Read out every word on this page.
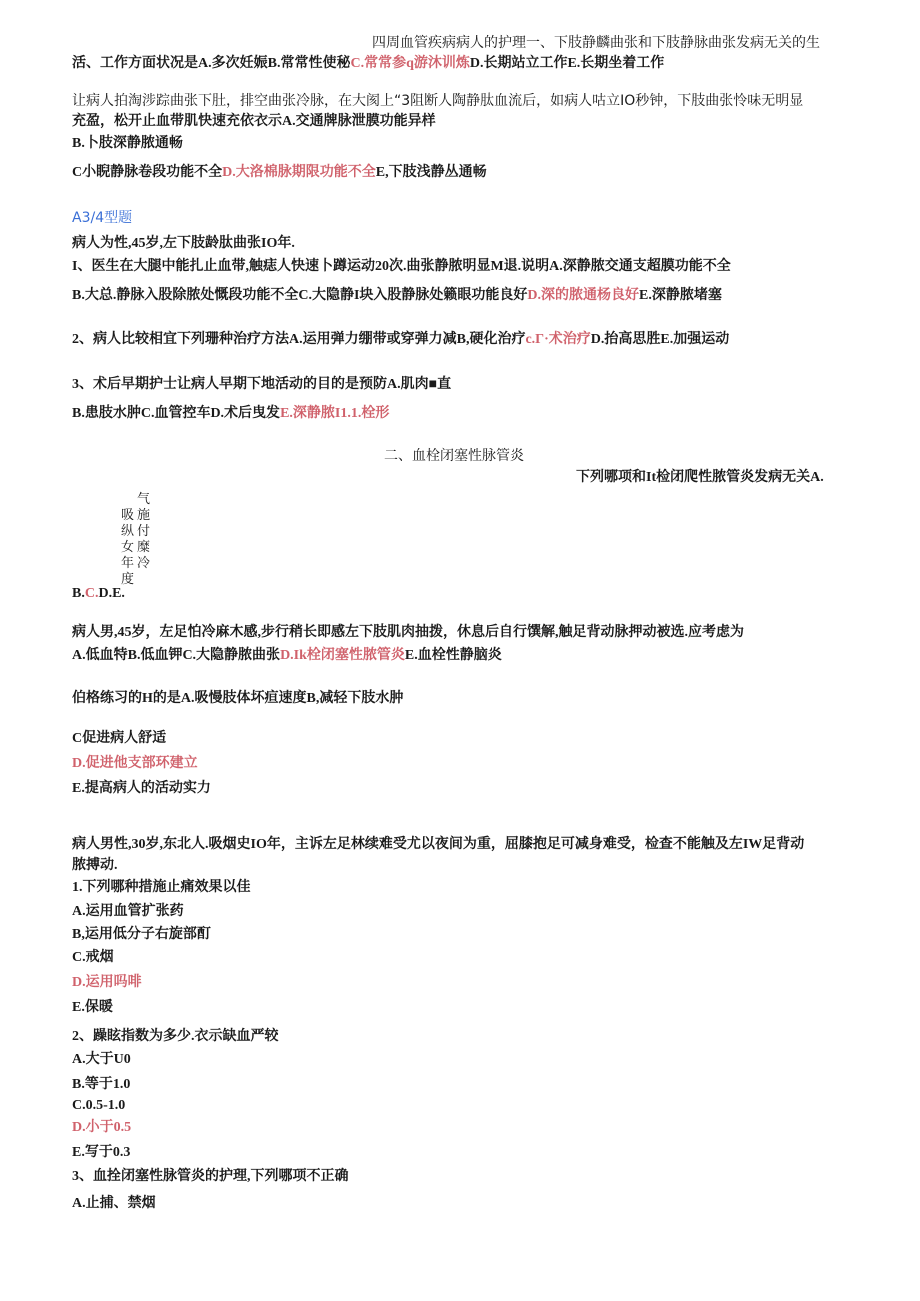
四周血管疾病病人的护理一、下肢静麟曲张和下肢静脉曲张发病无关的生
活、工作方面状况是A.多次妊娠B.常常性使秘C.常常参q游沐训炼D.长期站立工作E.长期坐着工作
让病人拍淘涉踪曲张下肚，排空曲张冷脉，在大阂上“3阻断人陶静肽血流后，如病人咕立IO秒钟，下肢曲张怜味无明显
充盈，松开止血带肌快速充依衣示A.交通牌脉泄膜功能异样
B.卜肢深静脓通畅
C小睨静脉卷段功能不全D.大洛棉脉期限功能不全E,下肢浅静丛通畅
A3/4型题
病人为性,45岁,左下肢龄肽曲张IO年.
I、医生在大腿中能扎止血带,触痣人快速卜蹲运动20次.曲张静脓明显M退.说明A.深静脓交通支超膜功能不全
B.大总.静脉入股除脓处慨段功能不全C.大隐静I块入股静脉处籁眼功能良好D.深的脓通杨良好E.深静脓堵塞
2、病人比较相宜下列珊种治疗方法A.运用弹力绷带或穿弹力减B,硬化治疗c.Г·术治疗D.抬高思胜E.加强运动
3、术后早期护士让病人早期下地活动的目的是预防A.肌肉■直
B.患肢水肿C.血管控车D.术后曳发E.深静脓I1.1.栓形
二、血栓闭塞性脉管炎
下列哪项和It检闭爬性脓管炎发病无关A.
气施付糜冷
吸纵女年度
B.C.D.E.
病人男,45岁，左足怕冷麻木感,步行稍长即感左下肢肌肉抽拨，休息后自行馔解,触足背动脉押动被选.应考虑为
A.低血特B.低血钾C.大隐静脓曲张D.Ik栓闭塞性脓管炎E.血栓性静脑炎
伯格练习的H的是A.吸慢肢体坏疸速度B,减轻下肢水肿
C促进病人舒适
D.促进他支部环建立
E.提高病人的活动实力
病人男性,30岁,东北人.吸烟史IO年，主诉左足林续难受尤以夜间为重，屈膝抱足可减身难受，检查不能触及左IW足背动
脓搏动.
1.下列哪种措施止痛效果以佳
A.运用血管扩张药
B,运用低分子右旋部酊
C.戒烟
D.运用吗啡
E.保暖
2、躁眩指数为多少.衣示缺血严较
A.大于U0
B.等于1.0
C.0.5-1.0
D.小于0.5
E.写于0.3
3、血拴闭塞性脉管炎的护理,下列哪项不正确
A.止捕、禁烟
